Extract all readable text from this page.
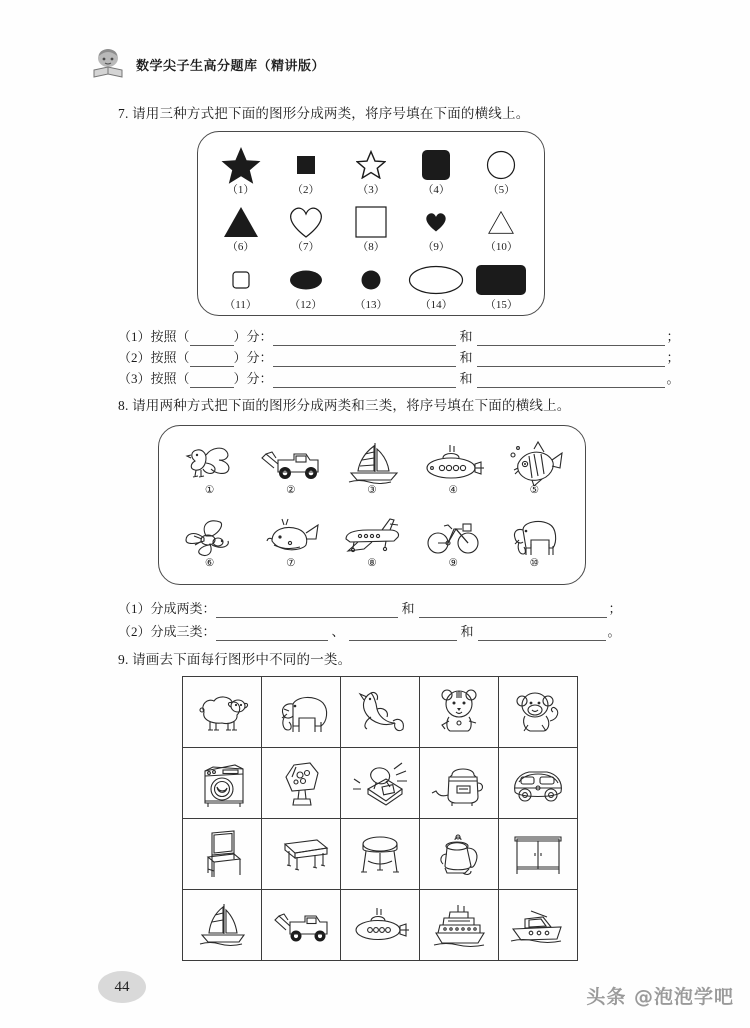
数学尖子生高分题库（精讲版）
7. 请用三种方式把下面的图形分成两类，将序号填在下面的横线上。
（1）	（2）	（3）	（4）	（5）
（6）	（7）	（8）	（9）	（10）
（11）	（12）	（13）	（14）	（15）
（1）按照（	）分：	和	；
（2）按照（	）分：	和	；
（3）按照（	）分：	和	。
8. 请用两种方式把下面的图形分成两类和三类，将序号填在下面的横线上。
①	②	③	④	⑤
⑥	⑦	⑧	⑨	⑩
（1）分成两类：	和	；
（2）分成三类：	、	和	。
9. 请画去下面每行图形中不同的一类。

44	头条 @泡泡学吧
